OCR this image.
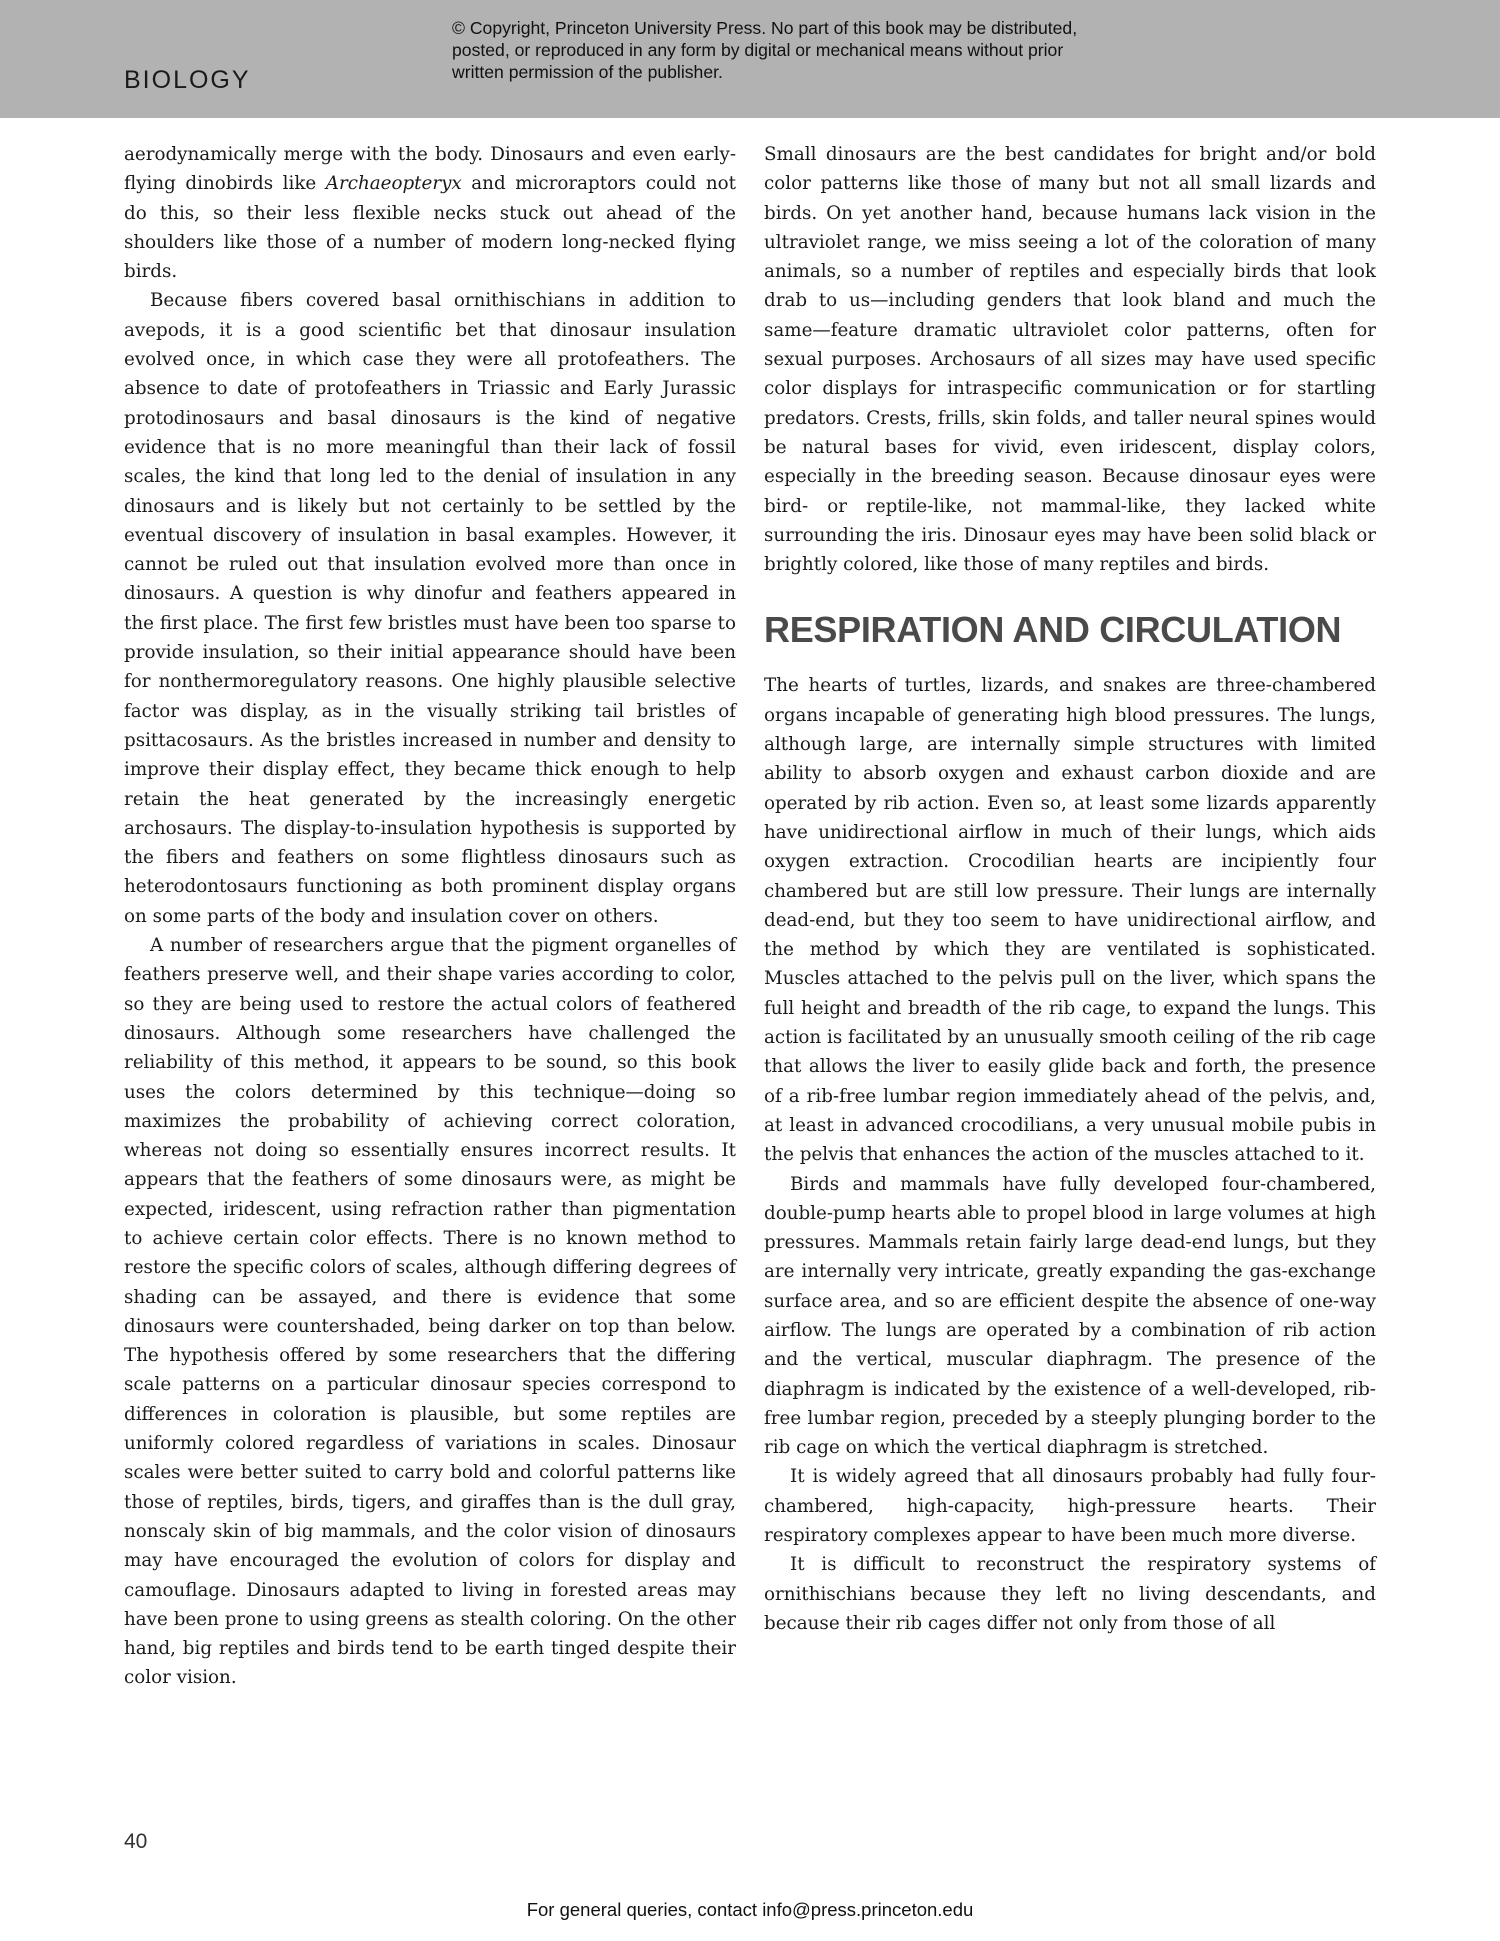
BIOLOGY
© Copyright, Princeton University Press. No part of this book may be distributed, posted, or reproduced in any form by digital or mechanical means without prior written permission of the publisher.

aerodynamically merge with the body. Dinosaurs and even early-flying dinobirds like Archaeopteryx and microraptors could not do this, so their less flexible necks stuck out ahead of the shoulders like those of a number of modern long-necked flying birds.

Because fibers covered basal ornithischians in addition to avepods, it is a good scientific bet that dinosaur insulation evolved once, in which case they were all protofeathers. The absence to date of protofeathers in Triassic and Early Jurassic protodinosaurs and basal dinosaurs is the kind of negative evidence that is no more meaningful than their lack of fossil scales, the kind that long led to the denial of insulation in any dinosaurs and is likely but not certainly to be settled by the eventual discovery of insulation in basal examples. However, it cannot be ruled out that insulation evolved more than once in dinosaurs. A question is why dinofur and feathers appeared in the first place. The first few bristles must have been too sparse to provide insulation, so their initial appearance should have been for nonthermoregulatory reasons. One highly plausible selective factor was display, as in the visually striking tail bristles of psittacosaurs. As the bristles increased in number and density to improve their display effect, they became thick enough to help retain the heat generated by the increasingly energetic archosaurs. The display-to-insulation hypothesis is supported by the fibers and feathers on some flightless dinosaurs such as heterodontosaurs functioning as both prominent display organs on some parts of the body and insulation cover on others.

A number of researchers argue that the pigment organelles of feathers preserve well, and their shape varies according to color, so they are being used to restore the actual colors of feathered dinosaurs. Although some researchers have challenged the reliability of this method, it appears to be sound, so this book uses the colors determined by this technique—doing so maximizes the probability of achieving correct coloration, whereas not doing so essentially ensures incorrect results. It appears that the feathers of some dinosaurs were, as might be expected, iridescent, using refraction rather than pigmentation to achieve certain color effects. There is no known method to restore the specific colors of scales, although differing degrees of shading can be assayed, and there is evidence that some dinosaurs were countershaded, being darker on top than below. The hypothesis offered by some researchers that the differing scale patterns on a particular dinosaur species correspond to differences in coloration is plausible, but some reptiles are uniformly colored regardless of variations in scales. Dinosaur scales were better suited to carry bold and colorful patterns like those of reptiles, birds, tigers, and giraffes than is the dull gray, nonscaly skin of big mammals, and the color vision of dinosaurs may have encouraged the evolution of colors for display and camouflage. Dinosaurs adapted to living in forested areas may have been prone to using greens as stealth coloring. On the other hand, big reptiles and birds tend to be earth tinged despite their color vision.

Small dinosaurs are the best candidates for bright and/or bold color patterns like those of many but not all small lizards and birds. On yet another hand, because humans lack vision in the ultraviolet range, we miss seeing a lot of the coloration of many animals, so a number of reptiles and especially birds that look drab to us—including genders that look bland and much the same—feature dramatic ultraviolet color patterns, often for sexual purposes. Archosaurs of all sizes may have used specific color displays for intraspecific communication or for startling predators. Crests, frills, skin folds, and taller neural spines would be natural bases for vivid, even iridescent, display colors, especially in the breeding season. Because dinosaur eyes were bird- or reptile-like, not mammal-like, they lacked white surrounding the iris. Dinosaur eyes may have been solid black or brightly colored, like those of many reptiles and birds.

RESPIRATION AND CIRCULATION

The hearts of turtles, lizards, and snakes are three-chambered organs incapable of generating high blood pressures. The lungs, although large, are internally simple structures with limited ability to absorb oxygen and exhaust carbon dioxide and are operated by rib action. Even so, at least some lizards apparently have unidirectional airflow in much of their lungs, which aids oxygen extraction. Crocodilian hearts are incipiently four chambered but are still low pressure. Their lungs are internally dead-end, but they too seem to have unidirectional airflow, and the method by which they are ventilated is sophisticated. Muscles attached to the pelvis pull on the liver, which spans the full height and breadth of the rib cage, to expand the lungs. This action is facilitated by an unusually smooth ceiling of the rib cage that allows the liver to easily glide back and forth, the presence of a rib-free lumbar region immediately ahead of the pelvis, and, at least in advanced crocodilians, a very unusual mobile pubis in the pelvis that enhances the action of the muscles attached to it.

Birds and mammals have fully developed four-chambered, double-pump hearts able to propel blood in large volumes at high pressures. Mammals retain fairly large dead-end lungs, but they are internally very intricate, greatly expanding the gas-exchange surface area, and so are efficient despite the absence of one-way airflow. The lungs are operated by a combination of rib action and the vertical, muscular diaphragm. The presence of the diaphragm is indicated by the existence of a well-developed, rib-free lumbar region, preceded by a steeply plunging border to the rib cage on which the vertical diaphragm is stretched.

It is widely agreed that all dinosaurs probably had fully four-chambered, high-capacity, high-pressure hearts. Their respiratory complexes appear to have been much more diverse.

It is difficult to reconstruct the respiratory systems of ornithischians because they left no living descendants, and because their rib cages differ not only from those of all

40
For general queries, contact info@press.princeton.edu
